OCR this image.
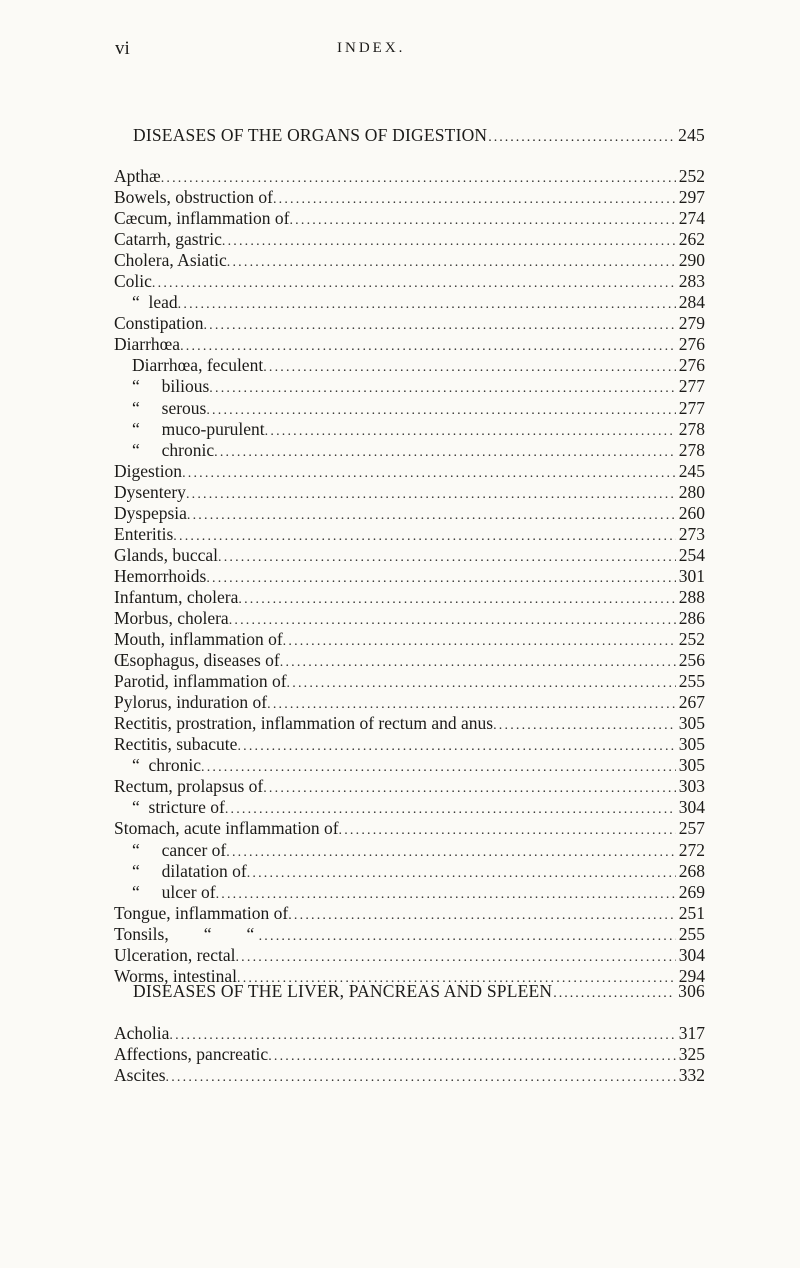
vi	INDEX.
DISEASES OF THE ORGANS OF DIGESTION .....	245
Apthæ .....	252
Bowels, obstruction of .....	297
Cæcum, inflammation of .....	274
Catarrh, gastric .....	262
Cholera, Asiatic .....	290
Colic .....	283
“  lead .....	284
Constipation .....	279
Diarrhœa .....	276
Diarrhœa, feculent .....	276
“     bilious .....	277
“     serous .....	277
“     muco-purulent .....	278
“     chronic .....	278
Digestion .....	245
Dysentery .....	280
Dyspepsia .....	260
Enteritis .....	273
Glands, buccal .....	254
Hemorrhoids .....	301
Infantum, cholera .....	288
Morbus, cholera .....	286
Mouth, inflammation of .....	252
Œsophagus, diseases of .....	256
Parotid, inflammation of .....	255
Pylorus, induration of .....	267
Rectitis, prostration, inflammation of rectum and anus .....	305
Rectitis, subacute .....	305
“  chronic .....	305
Rectum, prolapsus of .....	303
“  stricture of .....	304
Stomach, acute inflammation of .....	257
“     cancer of .....	272
“     dilatation of .....	268
“     ulcer of .....	269
Tongue, inflammation of .....	251
Tonsils,        “        “ .....	255
Ulceration, rectal .....	304
Worms, intestinal .....	294
DISEASES OF THE LIVER, PANCREAS AND SPLEEN .....	306
Acholia .....	317
Affections, pancreatic .....	325
Ascites .....	332
